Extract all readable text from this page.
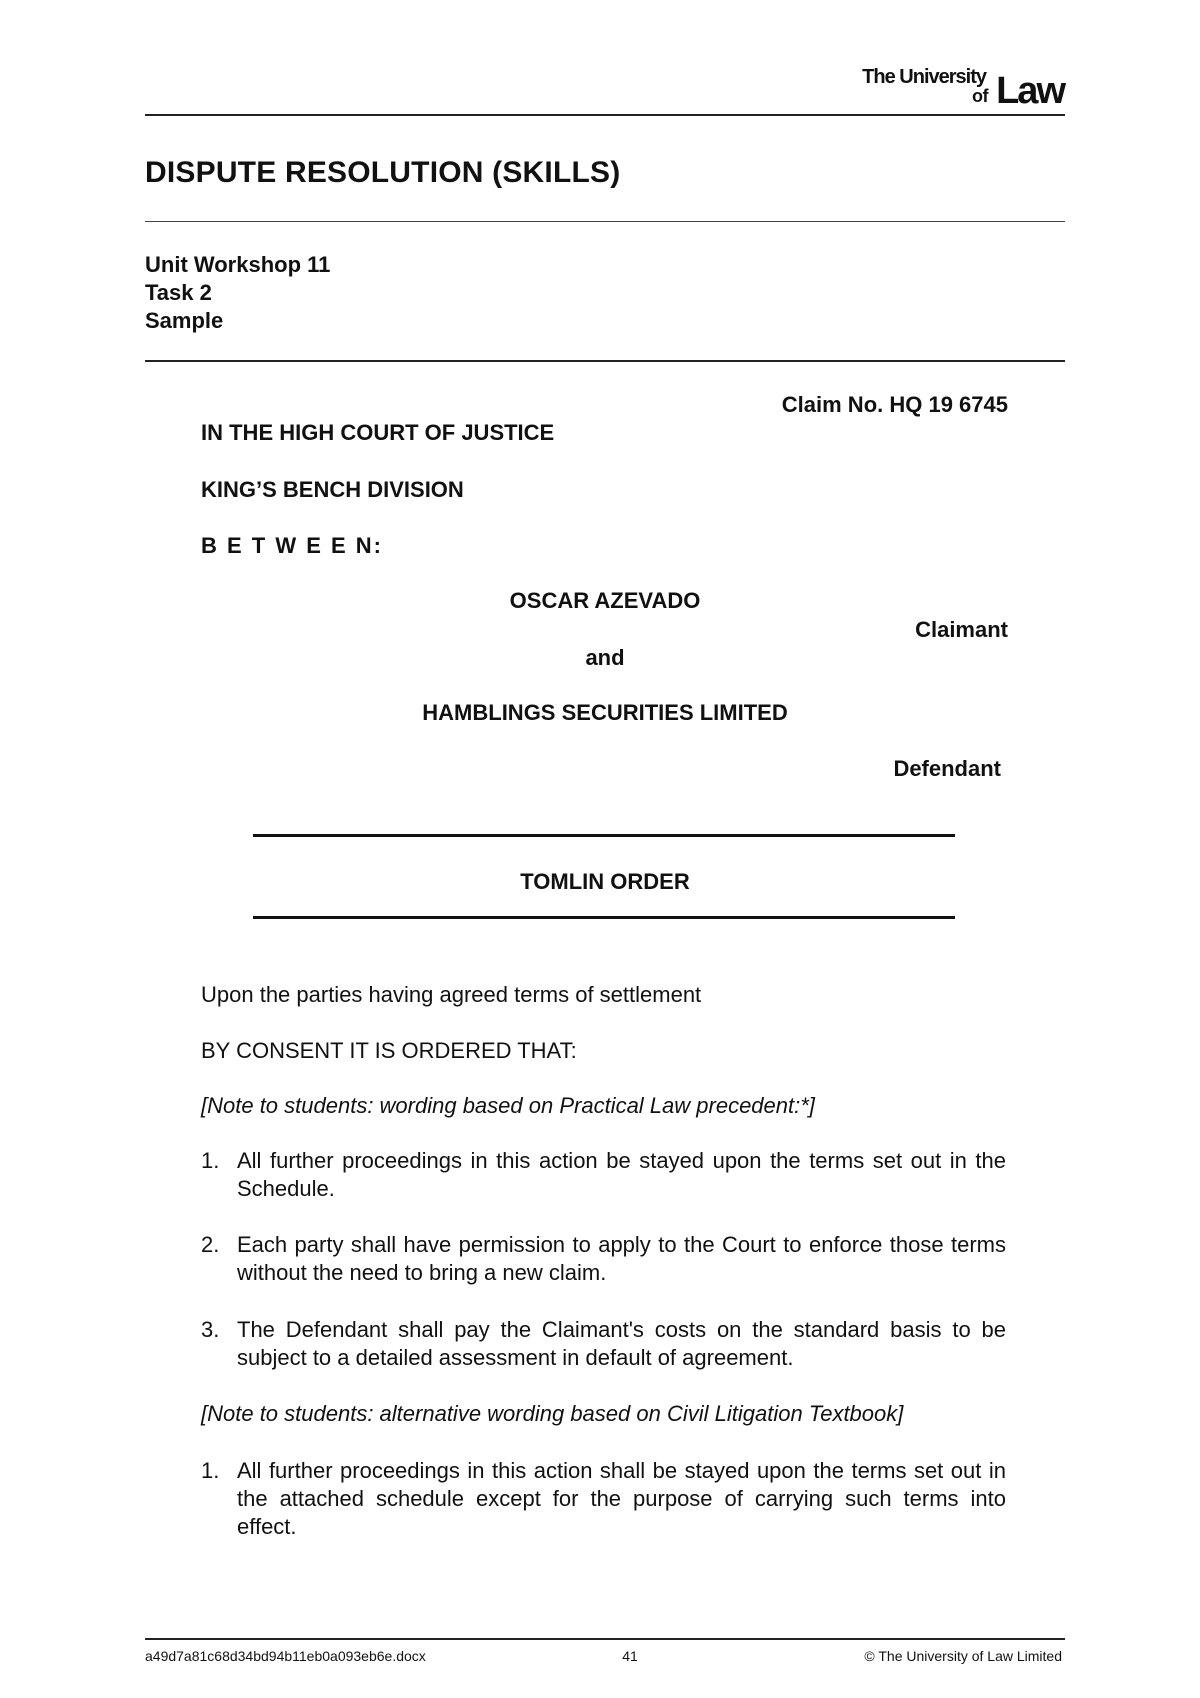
The University
of Law
DISPUTE RESOLUTION (SKILLS)
Unit Workshop 11
Task 2
Sample
Claim No. HQ 19 6745
IN THE HIGH COURT OF JUSTICE
KING’S BENCH DIVISION
B E T W E E N:
OSCAR AZEVADO
Claimant
and
HAMBLINGS SECURITIES LIMITED
Defendant
TOMLIN ORDER
Upon the parties having agreed terms of settlement
BY CONSENT IT IS ORDERED THAT:
[Note to students: wording based on Practical Law precedent:*]
1. All further proceedings in this action be stayed upon the terms set out in the Schedule.
2. Each party shall have permission to apply to the Court to enforce those terms without the need to bring a new claim.
3. The Defendant shall pay the Claimant's costs on the standard basis to be subject to a detailed assessment in default of agreement.
[Note to students: alternative wording based on Civil Litigation Textbook]
1. All further proceedings in this action shall be stayed upon the terms set out in the attached schedule except for the purpose of carrying such terms into effect.
a49d7a81c68d34bd94b11eb0a093eb6e.docx	41	© The University of Law Limited
